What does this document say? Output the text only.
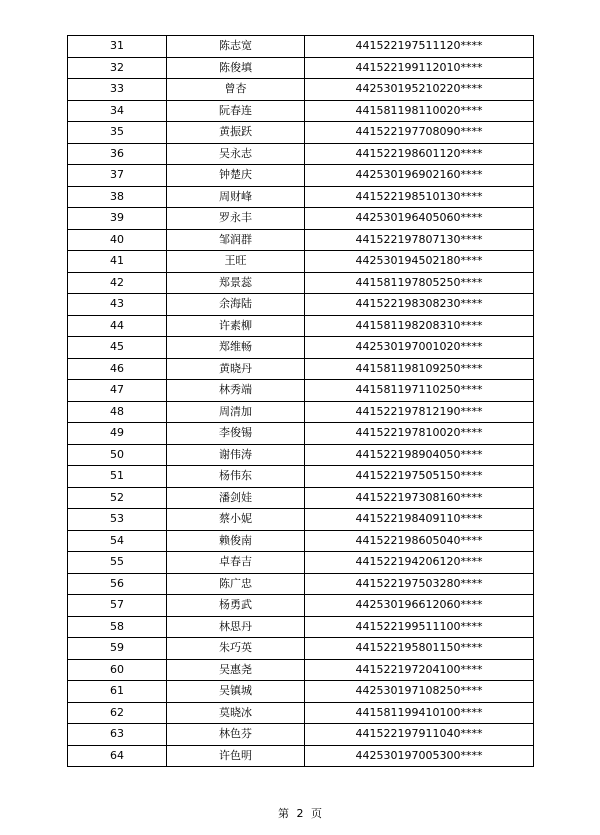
31	陈志宽	441522197511120****
32	陈俊填	441522199112010****
33	曾杏	442530195210220****
34	阮春连	441581198110020****
35	黄振跃	441522197708090****
36	吴永志	441522198601120****
37	钟楚庆	442530196902160****
38	周财峰	441522198510130****
39	罗永丰	442530196405060****
40	邹润群	441522197807130****
41	王旺	442530194502180****
42	郑景蕊	441581197805250****
43	余海陆	441522198308230****
44	许素柳	441581198208310****
45	郑维畅	442530197001020****
46	黄晓丹	441581198109250****
47	林秀端	441581197110250****
48	周清加	441522197812190****
49	李俊锡	441522197810020****
50	谢伟涛	441522198904050****
51	杨伟东	441522197505150****
52	潘剑娃	441522197308160****
53	蔡小妮	441522198409110****
54	赖俊南	441522198605040****
55	卓春吉	441522194206120****
56	陈广忠	441522197503280****
57	杨勇武	442530196612060****
58	林思丹	441522199511100****
59	朱巧英	441522195801150****
60	吴惠尧	441522197204100****
61	吴镇城	442530197108250****
62	莫晓冰	441581199410100****
63	林色芬	441522197911040****
64	许色明	442530197005300****
第 2 页
